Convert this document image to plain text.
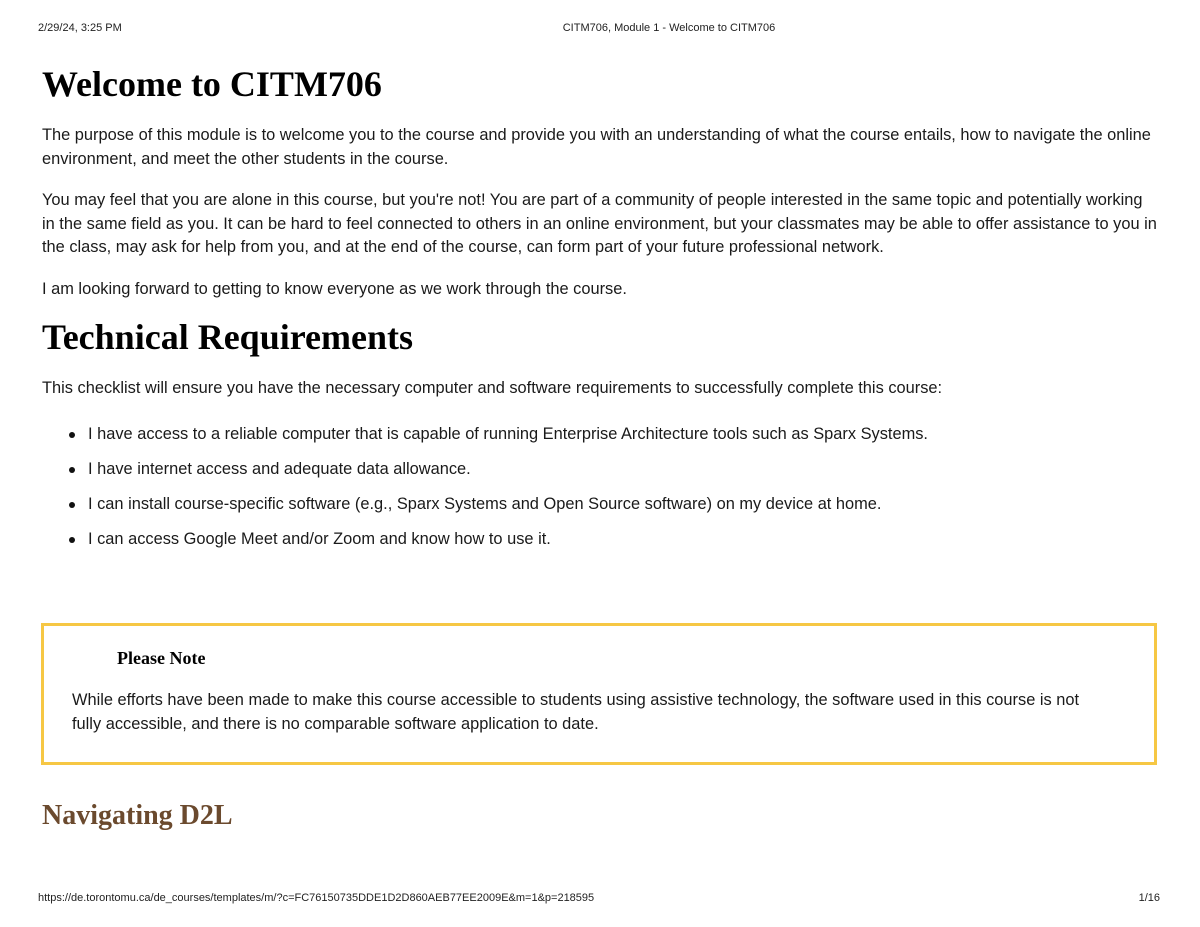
2/29/24, 3:25 PM	CITM706, Module 1 - Welcome to CITM706
Welcome to CITM706

The purpose of this module is to welcome you to the course and provide you with an understanding of what the course entails, how to navigate the online environment, and meet the other students in the course.

You may feel that you are alone in this course, but you're not! You are part of a community of people interested in the same topic and potentially working in the same field as you. It can be hard to feel connected to others in an online environment, but your classmates may be able to offer assistance to you in the class, may ask for help from you, and at the end of the course, can form part of your future professional network.

I am looking forward to getting to know everyone as we work through the course.

Technical Requirements

This checklist will ensure you have the necessary computer and software requirements to successfully complete this course:

I have access to a reliable computer that is capable of running Enterprise Architecture tools such as Sparx Systems.
I have internet access and adequate data allowance.
I can install course-specific software (e.g., Sparx Systems and Open Source software) on my device at home.
I can access Google Meet and/or Zoom and know how to use it.
Please Note
While efforts have been made to make this course accessible to students using assistive technology, the software used in this course is not fully accessible, and there is no comparable software application to date.
Navigating D2L
https://de.torontomu.ca/de_courses/templates/m/?c=FC76150735DDE1D2D860AEB77EE2009E&m=1&p=218595	1/16
